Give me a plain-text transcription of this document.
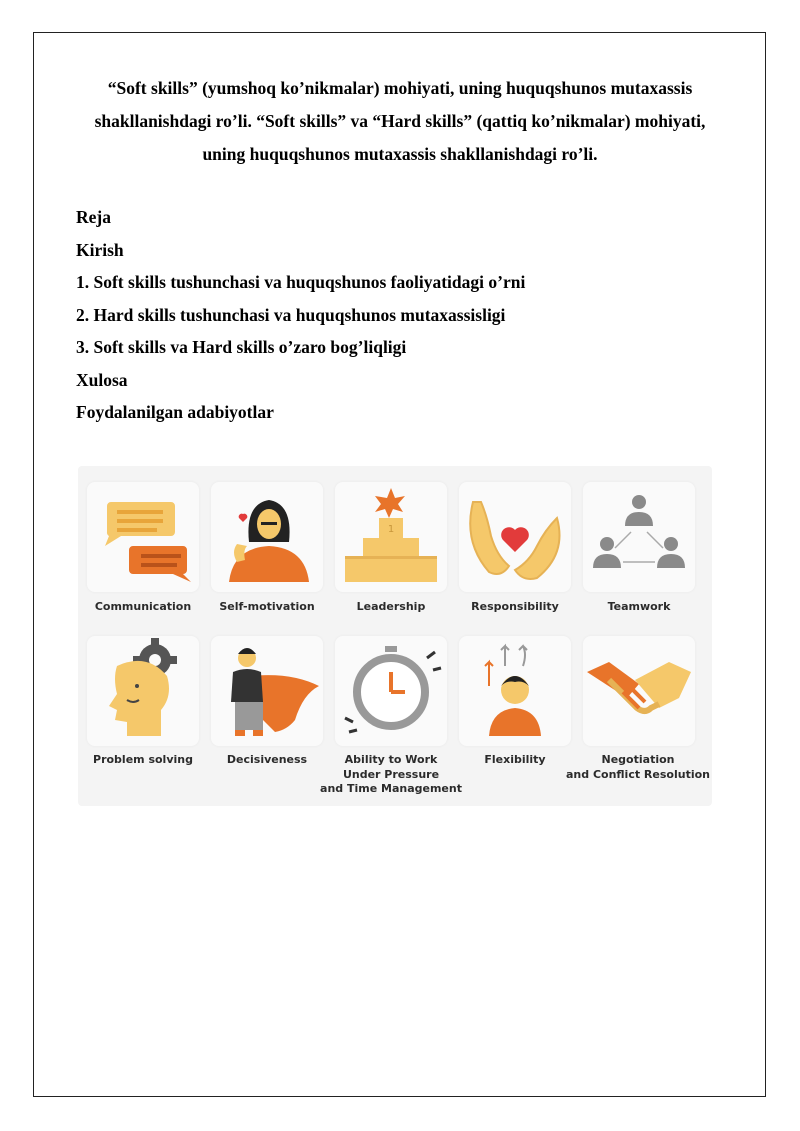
“Soft skills” (yumshoq ko’nikmalar) mohiyati, uning huquqshunos mutaxassis
shakllanishdagi ro’li. “Soft skills” va “Hard skills” (qattiq ko’nikmalar) mohiyati,
uning huquqshunos mutaxassis shakllanishdagi ro’li.
Reja
Kirish
1. Soft skills tushunchasi va huquqshunos faoliyatidagi o’rni
2. Hard skills tushunchasi va huquqshunos mutaxassisligi
3. Soft skills va Hard skills o’zaro bog’liqligi
Xulosa
Foydalanilgan adabiyotlar
1
Communication	Self-motivation	Leadership	Responsibility	Teamwork
Problem solving	Decisiveness	Ability to Work
Under Pressure
and Time Management
Flexibility	Negotiation
and Conflict Resolution
